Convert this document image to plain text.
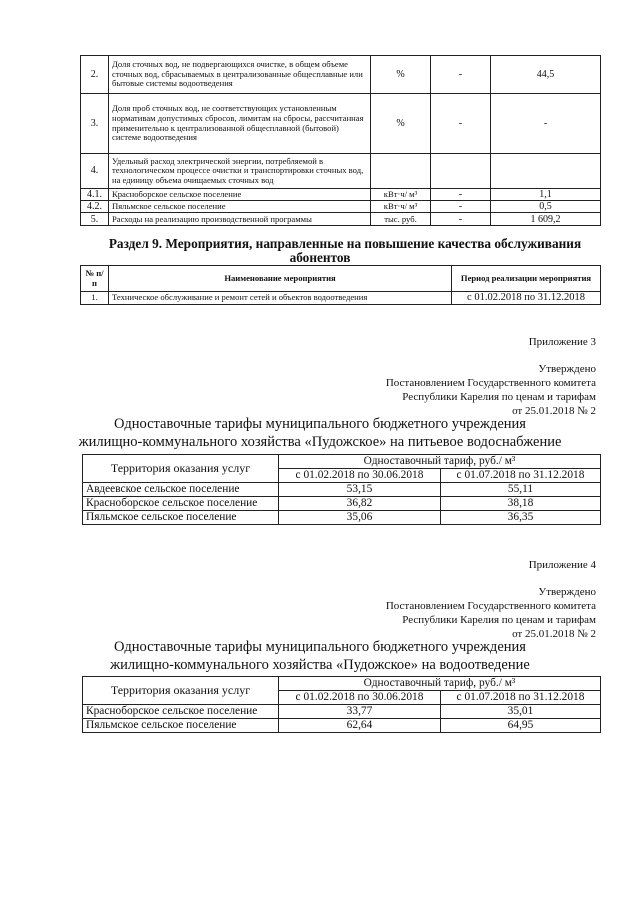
2.	Доля сточных вод, не подвергающихся очистке, в общем объеме сточных вод, сбрасываемых в централизованные общесплавные или бытовые системы водоотведения	%	-	44,5
3.	Доля проб сточных вод, не соответствующих установленным нормативам допустимых сбросов, лимитам на сбросы, рассчитанная применительно к централизованной общесплавной (бытовой) системе водоотведения	%	-	-
4.	Удельный расход электрической энергии, потребляемой в технологическом процессе очистки и транспортировки сточных вод, на единицу объема очищаемых сточных вод			
4.1.	Красноборское сельское поселение	кВт·ч/ м³	-	1,1
4.2.	Пяльмское сельское поселение	кВт·ч/ м³	-	0,5
5.	Расходы на реализацию производственной программы	тыс. руб.	-	1 609,2
Раздел 9. Мероприятия, направленные на повышение качества обслуживания
абонентов
№ п/п	Наименование мероприятия	Период реализации мероприятия
1.	Техническое обслуживание и ремонт сетей и объектов водоотведения	с 01.02.2018 по 31.12.2018
Приложение 3
Утверждено
Постановлением Государственного комитета
Республики Карелия по ценам и тарифам
от 25.01.2018 № 2
Одноставочные тарифы муниципального бюджетного учреждения
жилищно-коммунального хозяйства «Пудожское» на питьевое водоснабжение
Территория оказания услуг	Одноставочный тариф, руб./ м³	
	с 01.02.2018 по 30.06.2018	с 01.07.2018 по 31.12.2018
Авдеевское сельское поселение	53,15	55,11
Красноборское сельское поселение	36,82	38,18
Пяльмское сельское поселение	35,06	36,35
Приложение 4
Утверждено
Постановлением Государственного комитета
Республики Карелия по ценам и тарифам
от 25.01.2018 № 2
Одноставочные тарифы муниципального бюджетного учреждения
жилищно-коммунального хозяйства «Пудожское» на водоотведение
Территория оказания услуг	Одноставочный тариф, руб./ м³	
	с 01.02.2018 по 30.06.2018	с 01.07.2018 по 31.12.2018
Красноборское сельское поселение	33,77	35,01
Пяльмское сельское поселение	62,64	64,95
